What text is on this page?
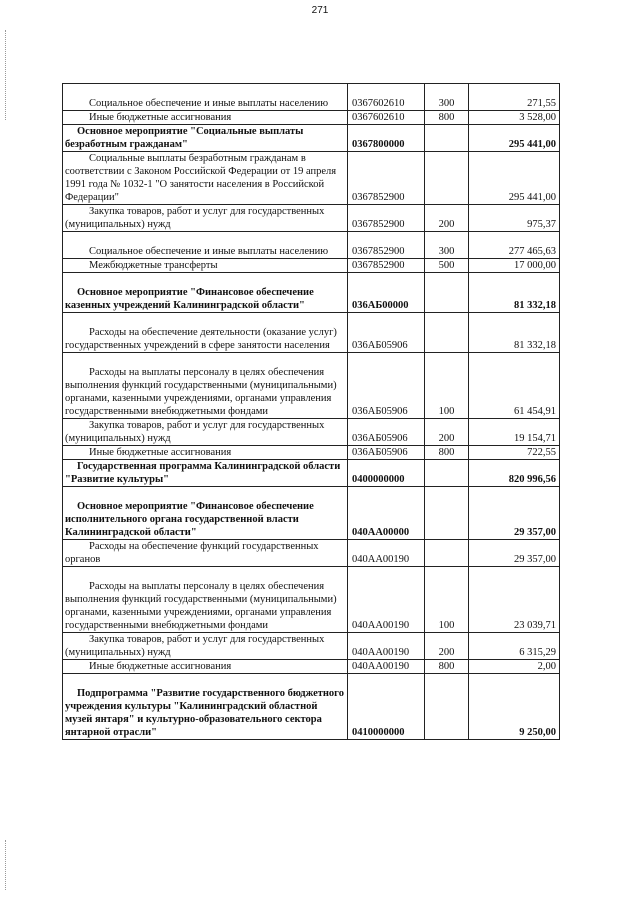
271
Социальное обеспечение и иные выплаты населению	0367602610	300	271,55
Иные бюджетные ассигнования	0367602610	800	3 528,00
Основное мероприятие "Социальные выплаты безработным гражданам"	0367800000		295 441,00
Социальные выплаты безработным гражданам в соответствии с Законом Российской Федерации от 19 апреля 1991 года № 1032-1 "О занятости населения в Российской Федерации"	0367852900		295 441,00
Закупка товаров, работ и услуг для государственных (муниципальных) нужд	0367852900	200	975,37
Социальное обеспечение и иные выплаты населению	0367852900	300	277 465,63
Межбюджетные трансферты	0367852900	500	17 000,00
Основное мероприятие "Финансовое обеспечение казенных учреждений Калининградской области"	036АБ00000		81 332,18
Расходы на обеспечение деятельности (оказание услуг) государственных учреждений в сфере занятости населения	036АБ05906		81 332,18
Расходы на выплаты персоналу в целях обеспечения выполнения функций государственными (муниципальными) органами, казенными учреждениями, органами управления государственными внебюджетными фондами	036АБ05906	100	61 454,91
Закупка товаров, работ и услуг для государственных (муниципальных) нужд	036АБ05906	200	19 154,71
Иные бюджетные ассигнования	036АБ05906	800	722,55
Государственная программа Калининградской области "Развитие культуры"	0400000000		820 996,56
Основное мероприятие "Финансовое обеспечение исполнительного органа государственной власти Калининградской области"	040АА00000		29 357,00
Расходы на обеспечение функций государственных органов	040АА00190		29 357,00
Расходы на выплаты персоналу в целях обеспечения выполнения функций государственными (муниципальными) органами, казенными учреждениями, органами управления государственными внебюджетными фондами	040АА00190	100	23 039,71
Закупка товаров, работ и услуг для государственных (муниципальных) нужд	040АА00190	200	6 315,29
Иные бюджетные ассигнования	040АА00190	800	2,00
Подпрограмма "Развитие государственного бюджетного учреждения культуры "Калининградский областной музей янтаря" и культурно-образовательного сектора янтарной отрасли"	0410000000		9 250,00
